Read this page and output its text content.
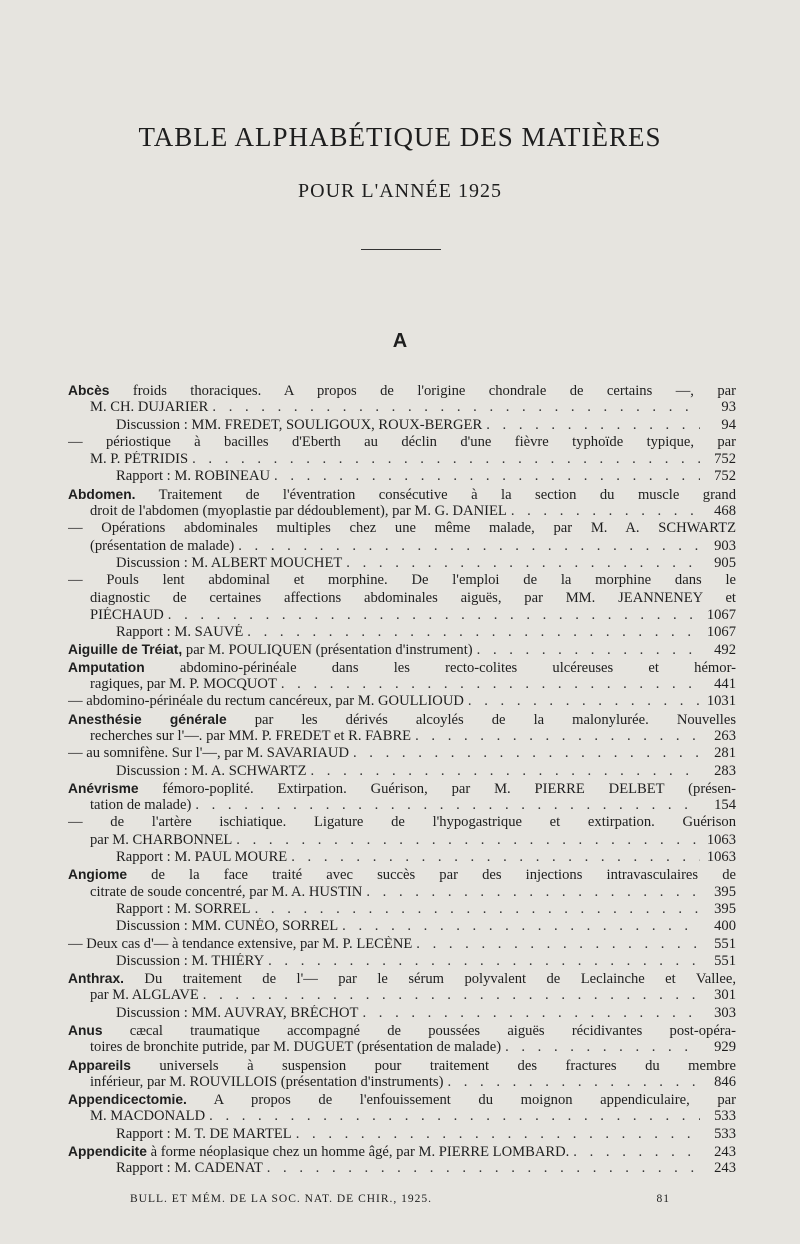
TABLE ALPHABÉTIQUE DES MATIÈRES
POUR L'ANNÉE 1925
A
Abcès froids thoraciques. A propos de l'origine chondrale de certains —, par
M. CH. DUJARIER . . .	93
Discussion : MM. FREDET, SOULIGOUX, ROUX-BERGER . . .	94
— périostique à bacilles d'Eberth au déclin d'une fièvre typhoïde typique, par
M. P. PÉTRIDIS . . .	752
Rapport : M. ROBINEAU . . .	752
Abdomen. Traitement de l'éventration consécutive à la section du muscle grand
droit de l'abdomen (myoplastie par dédoublement), par M. G. DANIEL . . .	468
— Opérations abdominales multiples chez une même malade, par M. A. SCHWARTZ
(présentation de malade) . . .	903
Discussion : M. ALBERT MOUCHET . . .	905
— Pouls lent abdominal et morphine. De l'emploi de la morphine dans le
diagnostic de certaines affections abdominales aiguës, par MM. JEANNENEY et
PIÉCHAUD . . .	1067
Rapport : M. SAUVÉ . . .	1067
Aiguille de Tréiat, par M. POULIQUEN (présentation d'instrument) . . .	492
Amputation abdomino-périnéale dans les recto-colites ulcéreuses et hémor-
ragiques, par M. P. MOCQUOT . . .	441
— abdomino-périnéale du rectum cancéreux, par M. GOULLIOUD . . .	1031
Anesthésie générale par les dérivés alcoylés de la malonylurée. Nouvelles
recherches sur l'—. par MM. P. FREDET et R. FABRE . . .	263
— au somnifène. Sur l'—, par M. SAVARIAUD . . .	281
Discussion : M. A. SCHWARTZ . . .	283
Anévrisme fémoro-poplité. Extirpation. Guérison, par M. PIERRE DELBET (présen-
tation de malade) . . .	154
— de l'artère ischiatique. Ligature de l'hypogastrique et extirpation. Guérison
par M. CHARBONNEL . . .	1063
Rapport : M. PAUL MOURE . . .	1063
Angiome de la face traité avec succès par des injections intravasculaires de
citrate de soude concentré, par M. A. HUSTIN . . .	395
Rapport : M. SORREL . . .	395
Discussion : MM. CUNÉO, SORREL . . .	400
— Deux cas d'— à tendance extensive, par M. P. LECÈNE . . .	551
Discussion : M. THIÉRY . . .	551
Anthrax. Du traitement de l'— par le sérum polyvalent de Leclainche et Vallee,
par M. ALGLAVE . . .	301
Discussion : MM. AUVRAY, BRÉCHOT . . .	303
Anus cæcal traumatique accompagné de poussées aiguës récidivantes post-opéra-
toires de bronchite putride, par M. DUGUET (présentation de malade) . . .	929
Appareils universels à suspension pour traitement des fractures du membre
inférieur, par M. ROUVILLOIS (présentation d'instruments) . . .	846
Appendicectomie. A propos de l'enfouissement du moignon appendiculaire, par
M. MACDONALD . . .	533
Rapport : M. T. DE MARTEL . . .	533
Appendicite à forme néoplasique chez un homme âgé, par M. PIERRE LOMBARD. . . .	243
Rapport : M. CADENAT . . .	243
BULL. ET MÉM. DE LA SOC. NAT. DE CHIR., 1925.	81
